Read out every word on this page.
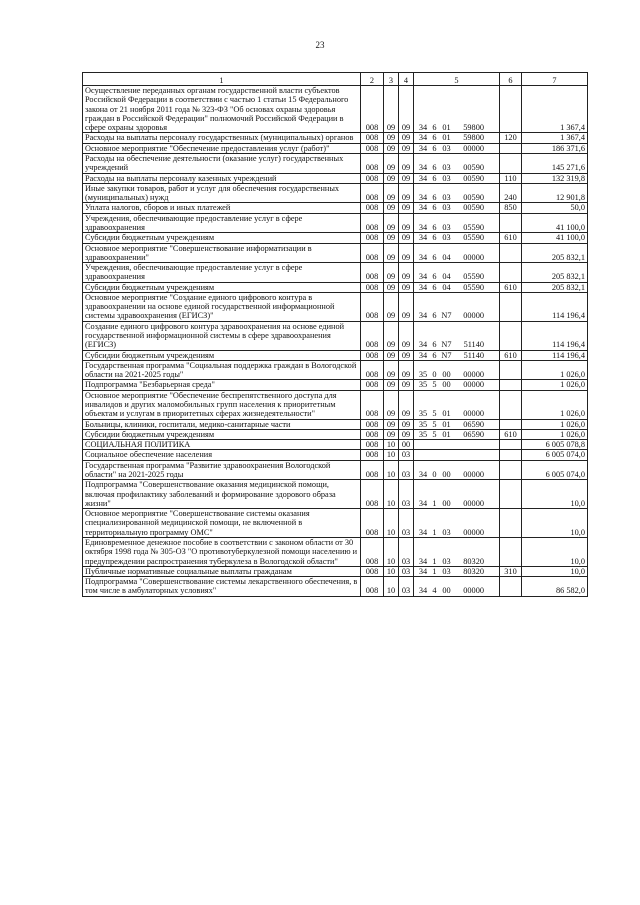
23
1	2	3	4	5	6	7
Осуществление переданных органам государственной власти субъектов Российской Федерации в соответствии с частью 1 статьи 15 Федерального закона от 21 ноября 2011 года № 323-ФЗ "Об основах охраны здоровья граждан в Российской Федерации" полномочий Российской Федерации в сфере охраны здоровья	008	09	09	34 6 01 59800		1 367,4
Расходы на выплаты персоналу государственных (муниципальных) органов	008	09	09	34 6 01 59800	120	1 367,4
Основное мероприятие "Обеспечение предоставления услуг (работ)"	008	09	09	34 6 03 00000		186 371,6
Расходы на обеспечение деятельности (оказание услуг) государственных учреждений	008	09	09	34 6 03 00590		145 271,6
Расходы на выплаты персоналу казенных учреждений	008	09	09	34 6 03 00590	110	132 319,8
Иные закупки товаров, работ и услуг для обеспечения государственных (муниципальных) нужд	008	09	09	34 6 03 00590	240	12 901,8
Уплата налогов, сборов и иных платежей	008	09	09	34 6 03 00590	850	50,0
Учреждения, обеспечивающие предоставление услуг в сфере здравоохранения	008	09	09	34 6 03 05590		41 100,0
Субсидии бюджетным учреждениям	008	09	09	34 6 03 05590	610	41 100,0
Основное мероприятие "Совершенствование информатизации в здравоохранении"	008	09	09	34 6 04 00000		205 832,1
Учреждения, обеспечивающие предоставление услуг в сфере здравоохранения	008	09	09	34 6 04 05590		205 832,1
Субсидии бюджетным учреждениям	008	09	09	34 6 04 05590	610	205 832,1
Основное мероприятие "Создание единого цифрового контура в здравоохранении на основе единой государственной информационной системы здравоохранения (ЕГИСЗ)"	008	09	09	34 6 N7 00000		114 196,4
Создание единого цифрового контура здравоохранения на основе единой государственной информационной системы в сфере здравоохранения (ЕГИСЗ)	008	09	09	34 6 N7 51140		114 196,4
Субсидии бюджетным учреждениям	008	09	09	34 6 N7 51140	610	114 196,4
Государственная программа "Социальная поддержка граждан в Вологодской области на 2021-2025 годы"	008	09	09	35 0 00 00000		1 026,0
Подпрограмма "Безбарьерная среда"	008	09	09	35 5 00 00000		1 026,0
Основное мероприятие "Обеспечение беспрепятственного доступа для инвалидов и других маломобильных групп населения к приоритетным объектам и услугам в приоритетных сферах жизнедеятельности"	008	09	09	35 5 01 00000		1 026,0
Больницы, клиники, госпитали, медико-санитарные части	008	09	09	35 5 01 06590		1 026,0
Субсидии бюджетным учреждениям	008	09	09	35 5 01 06590	610	1 026,0
СОЦИАЛЬНАЯ ПОЛИТИКА	008	10	00			6 005 078,8
Социальное обеспечение населения	008	10	03			6 005 074,0
Государственная программа "Развитие здравоохранения Вологодской области" на 2021-2025 годы	008	10	03	34 0 00 00000		6 005 074,0
Подпрограмма "Совершенствование оказания медицинской помощи, включая профилактику заболеваний и формирование здорового образа жизни"	008	10	03	34 1 00 00000		10,0
Основное мероприятие "Совершенствование системы оказания специализированной медицинской помощи, не включенной в территориальную программу ОМС"	008	10	03	34 1 03 00000		10,0
Единовременное денежное пособие в соответствии с законом области от 30 октября 1998 года № 305-ОЗ "О противотуберкулезной помощи населению и предупреждении распространения туберкулеза в Вологодской области"	008	10	03	34 1 03 80320		10,0
Публичные нормативные социальные выплаты гражданам	008	10	03	34 1 03 80320	310	10,0
Подпрограмма "Совершенствование системы лекарственного обеспечения, в том числе в амбулаторных условиях"	008	10	03	34 4 00 00000		86 582,0
